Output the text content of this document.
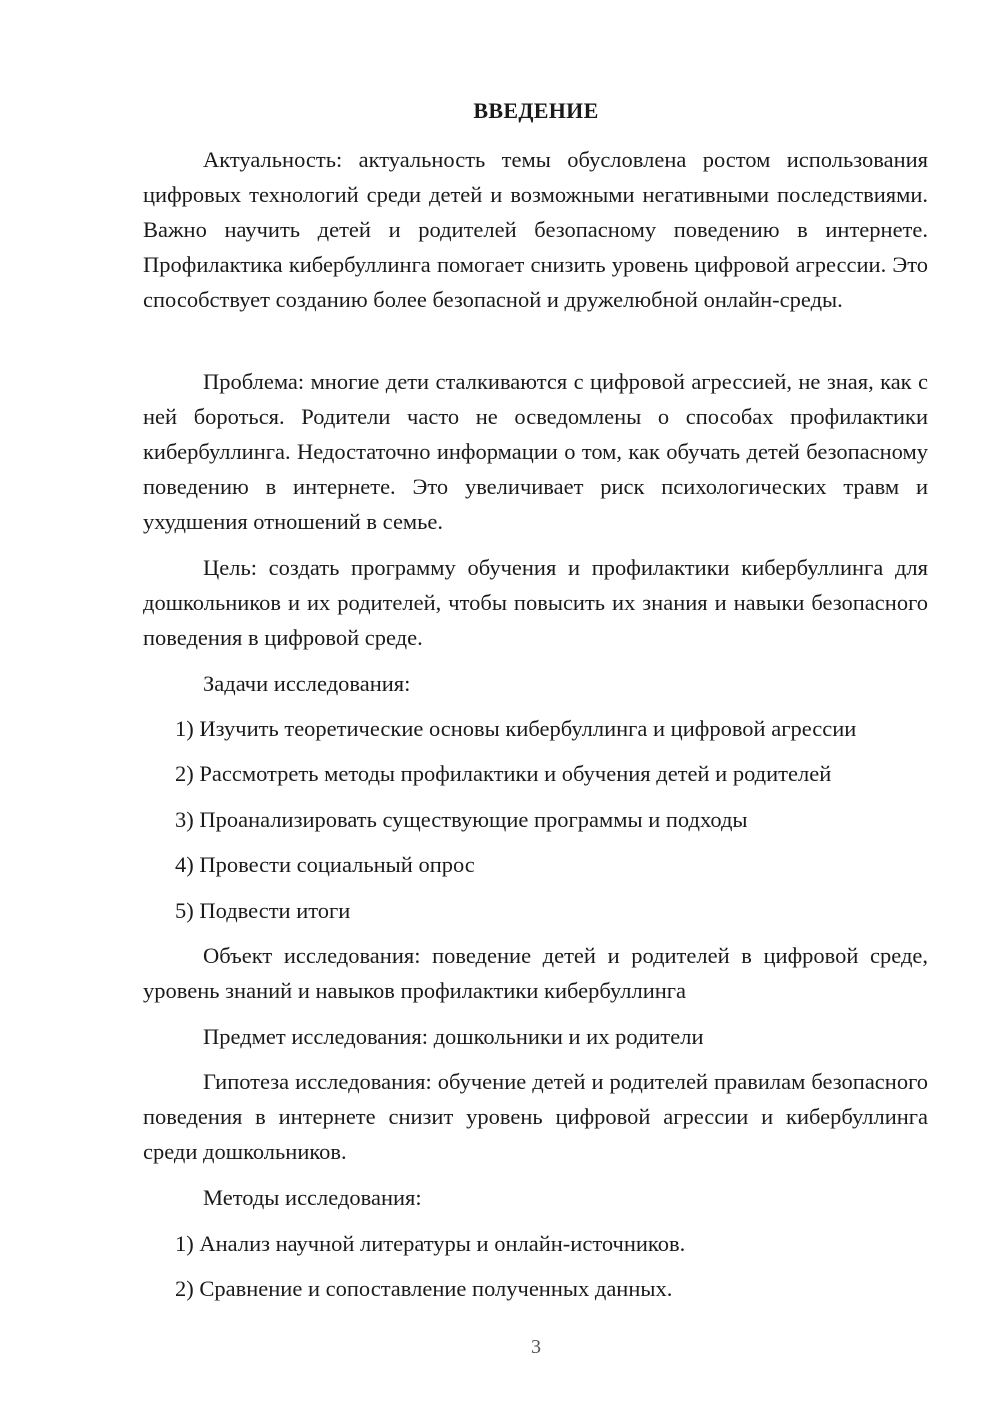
ВВЕДЕНИЕ

Актуальность: актуальность темы обусловлена ростом использования цифровых технологий среди детей и возможными негативными последствиями. Важно научить детей и родителей безопасному поведению в интернете. Профилактика кибербуллинга помогает снизить уровень цифровой агрессии. Это способствует созданию более безопасной и дружелюбной онлайн-среды.

Проблема: многие дети сталкиваются с цифровой агрессией, не зная, как с ней бороться. Родители часто не осведомлены о способах профилактики кибербуллинга. Недостаточно информации о том, как обучать детей безопасному поведению в интернете. Это увеличивает риск психологических травм и ухудшения отношений в семье.

Цель: создать программу обучения и профилактики кибербуллинга для дошкольников и их родителей, чтобы повысить их знания и навыки безопасного поведения в цифровой среде.

Задачи исследования:

1) Изучить теоретические основы кибербуллинга и цифровой агрессии

2) Рассмотреть методы профилактики и обучения детей и родителей

3) Проанализировать существующие программы и подходы

4) Провести социальный опрос

5) Подвести итоги

Объект исследования: поведение детей и родителей в цифровой среде, уровень знаний и навыков профилактики кибербуллинга

Предмет исследования: дошкольники и их родители

Гипотеза исследования: обучение детей и родителей правилам безопасного поведения в интернете снизит уровень цифровой агрессии и кибербуллинга среди дошкольников.

Методы исследования:

1) Анализ научной литературы и онлайн-источников.

2) Сравнение и сопоставление полученных данных.

3
